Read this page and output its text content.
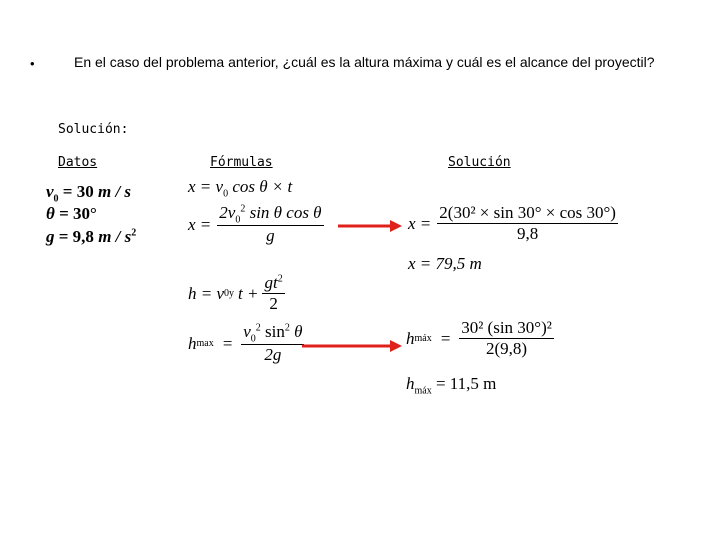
•	En el caso del problema anterior, ¿cuál es la altura máxima y cuál es el alcance del proyectil?
Solución:
Datos	Fórmulas	Solución
$v_0 = 30$ m / s
θ = 30°
g = 9,8 m / $s^2$
$x = v_0$ cos θ × t
$x = \frac{2v_0^2 \sin \theta \cos \theta}{g}$
h = v 0y $t + \frac{gt^2}{2}$
h $\max = \frac{v_0^2 \sin^2 \theta}{2g}$
$x = \frac{\text{2(30² × sin 30° × cos 30°)}}{9,8}$
x = 79,5 m
h máx = $\frac{\text{30² (sin 30°)²}}{2(9,8)}$
$h_{máx} = 11,5$ m
